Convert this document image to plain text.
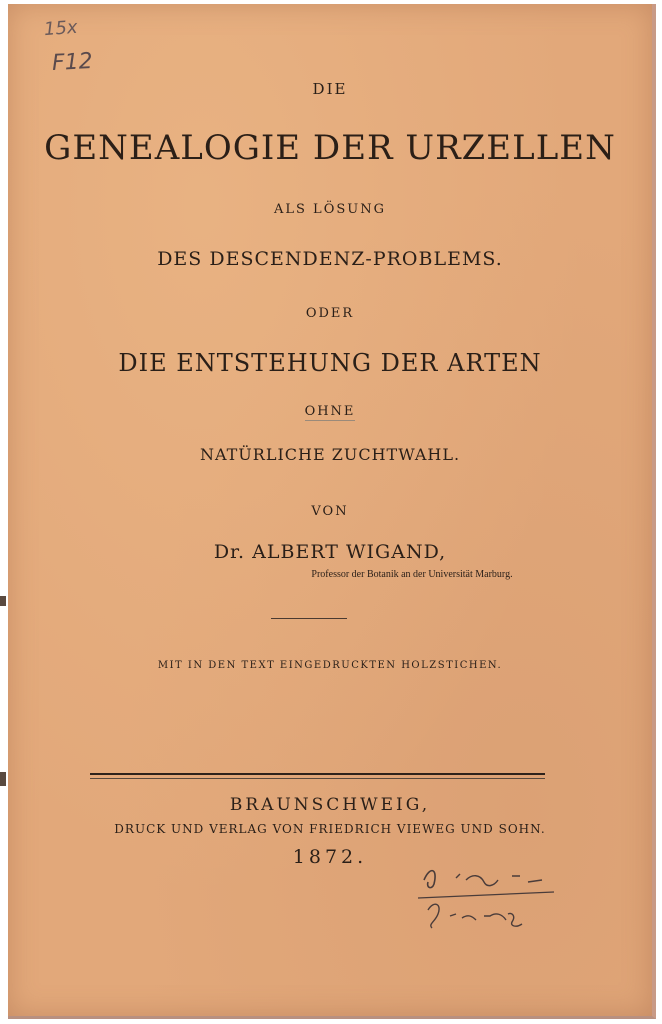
15x
F12
DIE
GENEALOGIE DER URZELLEN
ALS LÖSUNG
DES DESCENDENZ-PROBLEMS.
ODER
DIE ENTSTEHUNG DER ARTEN
OHNE
NATÜRLICHE ZUCHTWAHL.
VON
Dr. ALBERT WIGAND,
Professor der Botanik an der Universität Marburg.
MIT IN DEN TEXT EINGEDRUCKTEN HOLZSTICHEN.
BRAUNSCHWEIG,
DRUCK UND VERLAG VON FRIEDRICH VIEWEG UND SOHN.
1872.
